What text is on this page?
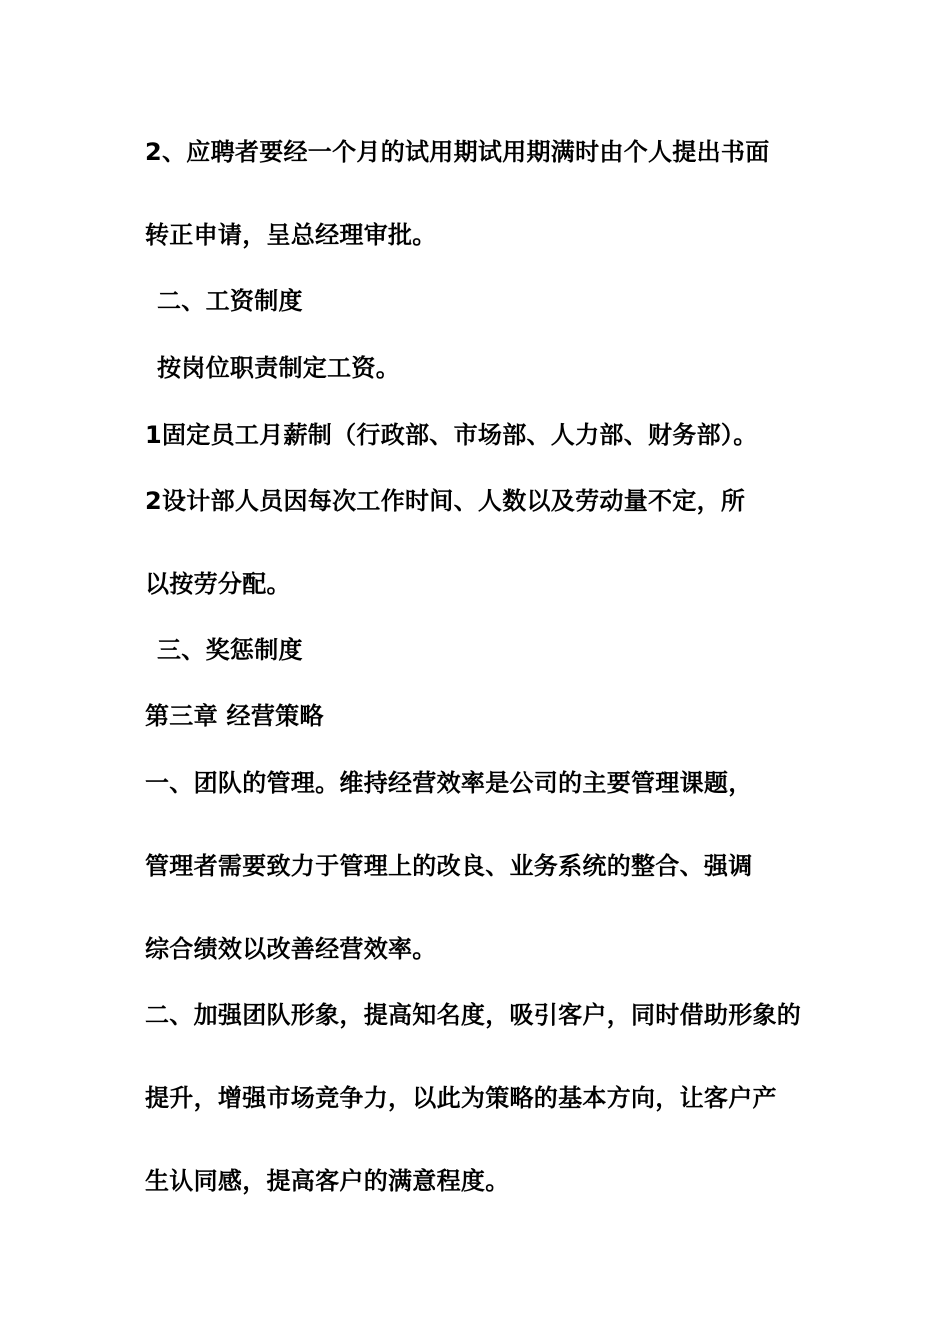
2、应聘者要经一个月的试用期试用期满时由个人提出书面

转正申请，呈总经理审批。

二、工资制度

按岗位职责制定工资。

1固定员工月薪制（行政部、市场部、人力部、财务部）。

2设计部人员因每次工作时间、人数以及劳动量不定，所

以按劳分配。

三、奖惩制度

第三章 经营策略

一、团队的管理。维持经营效率是公司的主要管理课题，

管理者需要致力于管理上的改良、业务系统的整合、强调

综合绩效以改善经营效率。

二、加强团队形象，提高知名度，吸引客户，同时借助形象的

提升，增强市场竞争力，以此为策略的基本方向，让客户产

生认同感，提高客户的满意程度。
